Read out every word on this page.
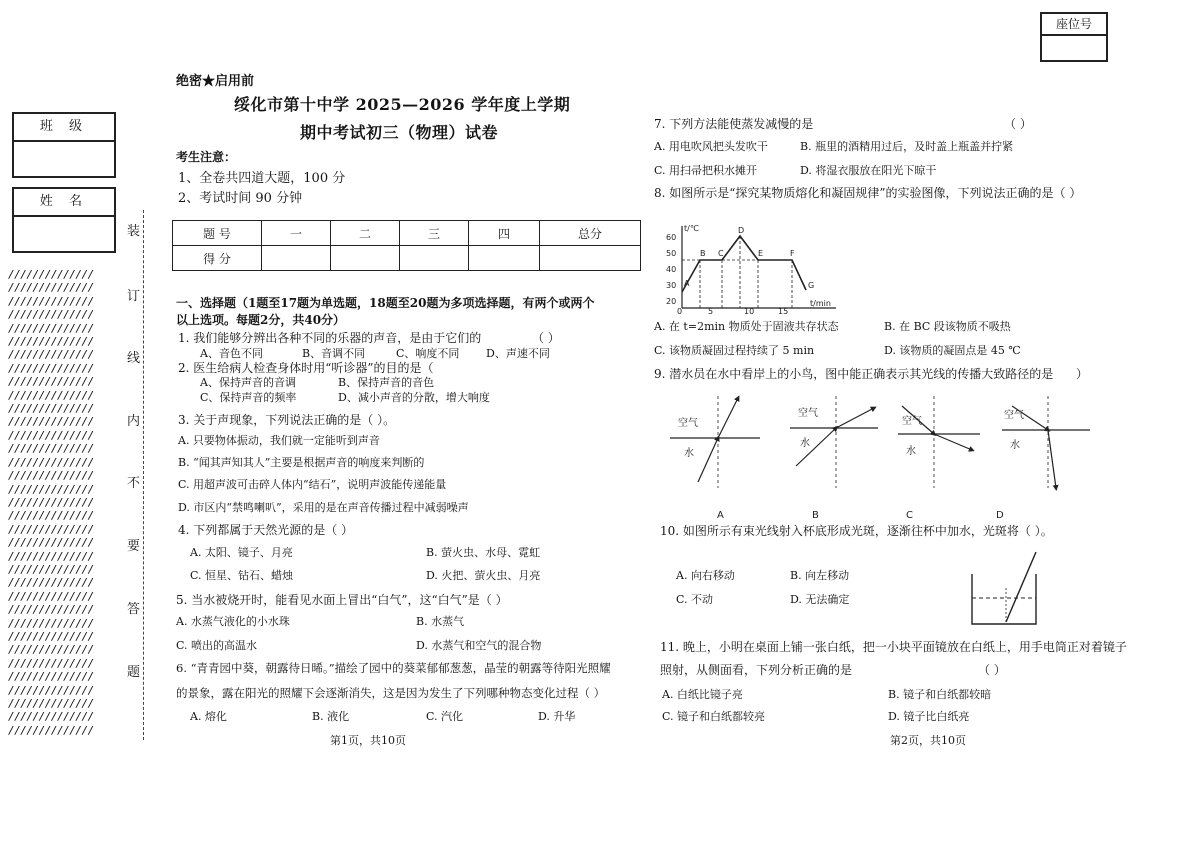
座位号
班 级
姓 名
//////////////
//////////////
//////////////
//////////////
//////////////
//////////////
//////////////
//////////////
//////////////
//////////////
//////////////
//////////////
//////////////
//////////////
//////////////
//////////////
//////////////
//////////////
//////////////
//////////////
//////////////
//////////////
//////////////
//////////////
//////////////
//////////////
//////////////
//////////////
//////////////
//////////////
//////////////
//////////////
//////////////
//////////////
//////////////
装
订
线
内
不
要
答
题
绝密★启用前
绥化市第十中学 2025—2026 学年度上学期
期中考试初三（物理）试卷
考生注意：
1、全卷共四道大题，100 分
2、考试时间 90 分钟
题 号	一	二	三	四	总分
得 分					
一、选择题（1题至17题为单选题，18题至20题为多项选择题，有两个或两个
以上选项。每题2分，共40分）
1. 我们能够分辨出各种不同的乐器的声音，是由于它们的	（ ）
A、音色不同	B、音调不同	C、响度不同 D、声速不同
2. 医生给病人检查身体时用“听诊器”的目的是（
A、保持声音的音调	B、保持声音的音色
C、保持声音的频率	D、减小声音的分散，增大响度
3. 关于声现象，下列说法正确的是（ ）。
A. 只要物体振动，我们就一定能听到声音
B. “闻其声知其人”主要是根据声音的响度来判断的
C. 用超声波可击碎人体内“结石”，说明声波能传递能量
D. 市区内“禁鸣喇叭”，采用的是在声音传播过程中减弱噪声
4. 下列都属于天然光源的是（ ）
A. 太阳、镜子、月亮	B. 萤火虫、水母、霓虹
C. 恒星、钻石、蜡烛	D. 火把、萤火虫、月亮
5. 当水被烧开时，能看见水面上冒出“白气”，这“白气”是（ ）
A. 水蒸气液化的小水珠	B. 水蒸气
C. 喷出的高温水	D. 水蒸气和空气的混合物
6. “青青园中葵，朝露待日晞。”描绘了园中的葵菜郁郁葱葱，晶莹的朝露等待阳光照耀
的景象，露在阳光的照耀下会逐渐消失，这是因为发生了下列哪种物态变化过程（ ）
A. 熔化	B. 液化	C. 汽化	D. 升华
第1页，共10页
7. 下列方法能使蒸发减慢的是	（ ）
A. 用电吹风把头发吹干	B. 瓶里的酒精用过后，及时盖上瓶盖并拧紧
C. 用扫帚把积水摊开	D. 将湿衣服放在阳光下晾干
8. 如图所示是“探究某物质熔化和凝固规律”的实验图像，下列说法正确的是（ ）
t/℃
t/min
60
50
40
30
20
0	5	10	15
A
B C
D
E	F
G
A. 在 t=2min 物质处于固液共存状态	B. 在 BC 段该物质不吸热
C. 该物质凝固过程持续了 5 min	D. 该物质的凝固点是 45 ℃
9. 潜水员在水中看岸上的小鸟，图中能正确表示其光线的传播大致路径的是 ）
空气
水
空气
水
空气
水
空气
水
A	B	C	D
10. 如图所示有束光线射入杯底形成光斑，逐渐往杯中加水，光斑将（ ）。
A. 向右移动	B. 向左移动
C. 不动	D. 无法确定
11. 晚上，小明在桌面上铺一张白纸，把一小块平面镜放在白纸上，用手电筒正对着镜子
照射，从侧面看，下列分析正确的是	（ ）
A. 白纸比镜子亮	B. 镜子和白纸都较暗
C. 镜子和白纸都较亮	D. 镜子比白纸亮
第2页，共10页
